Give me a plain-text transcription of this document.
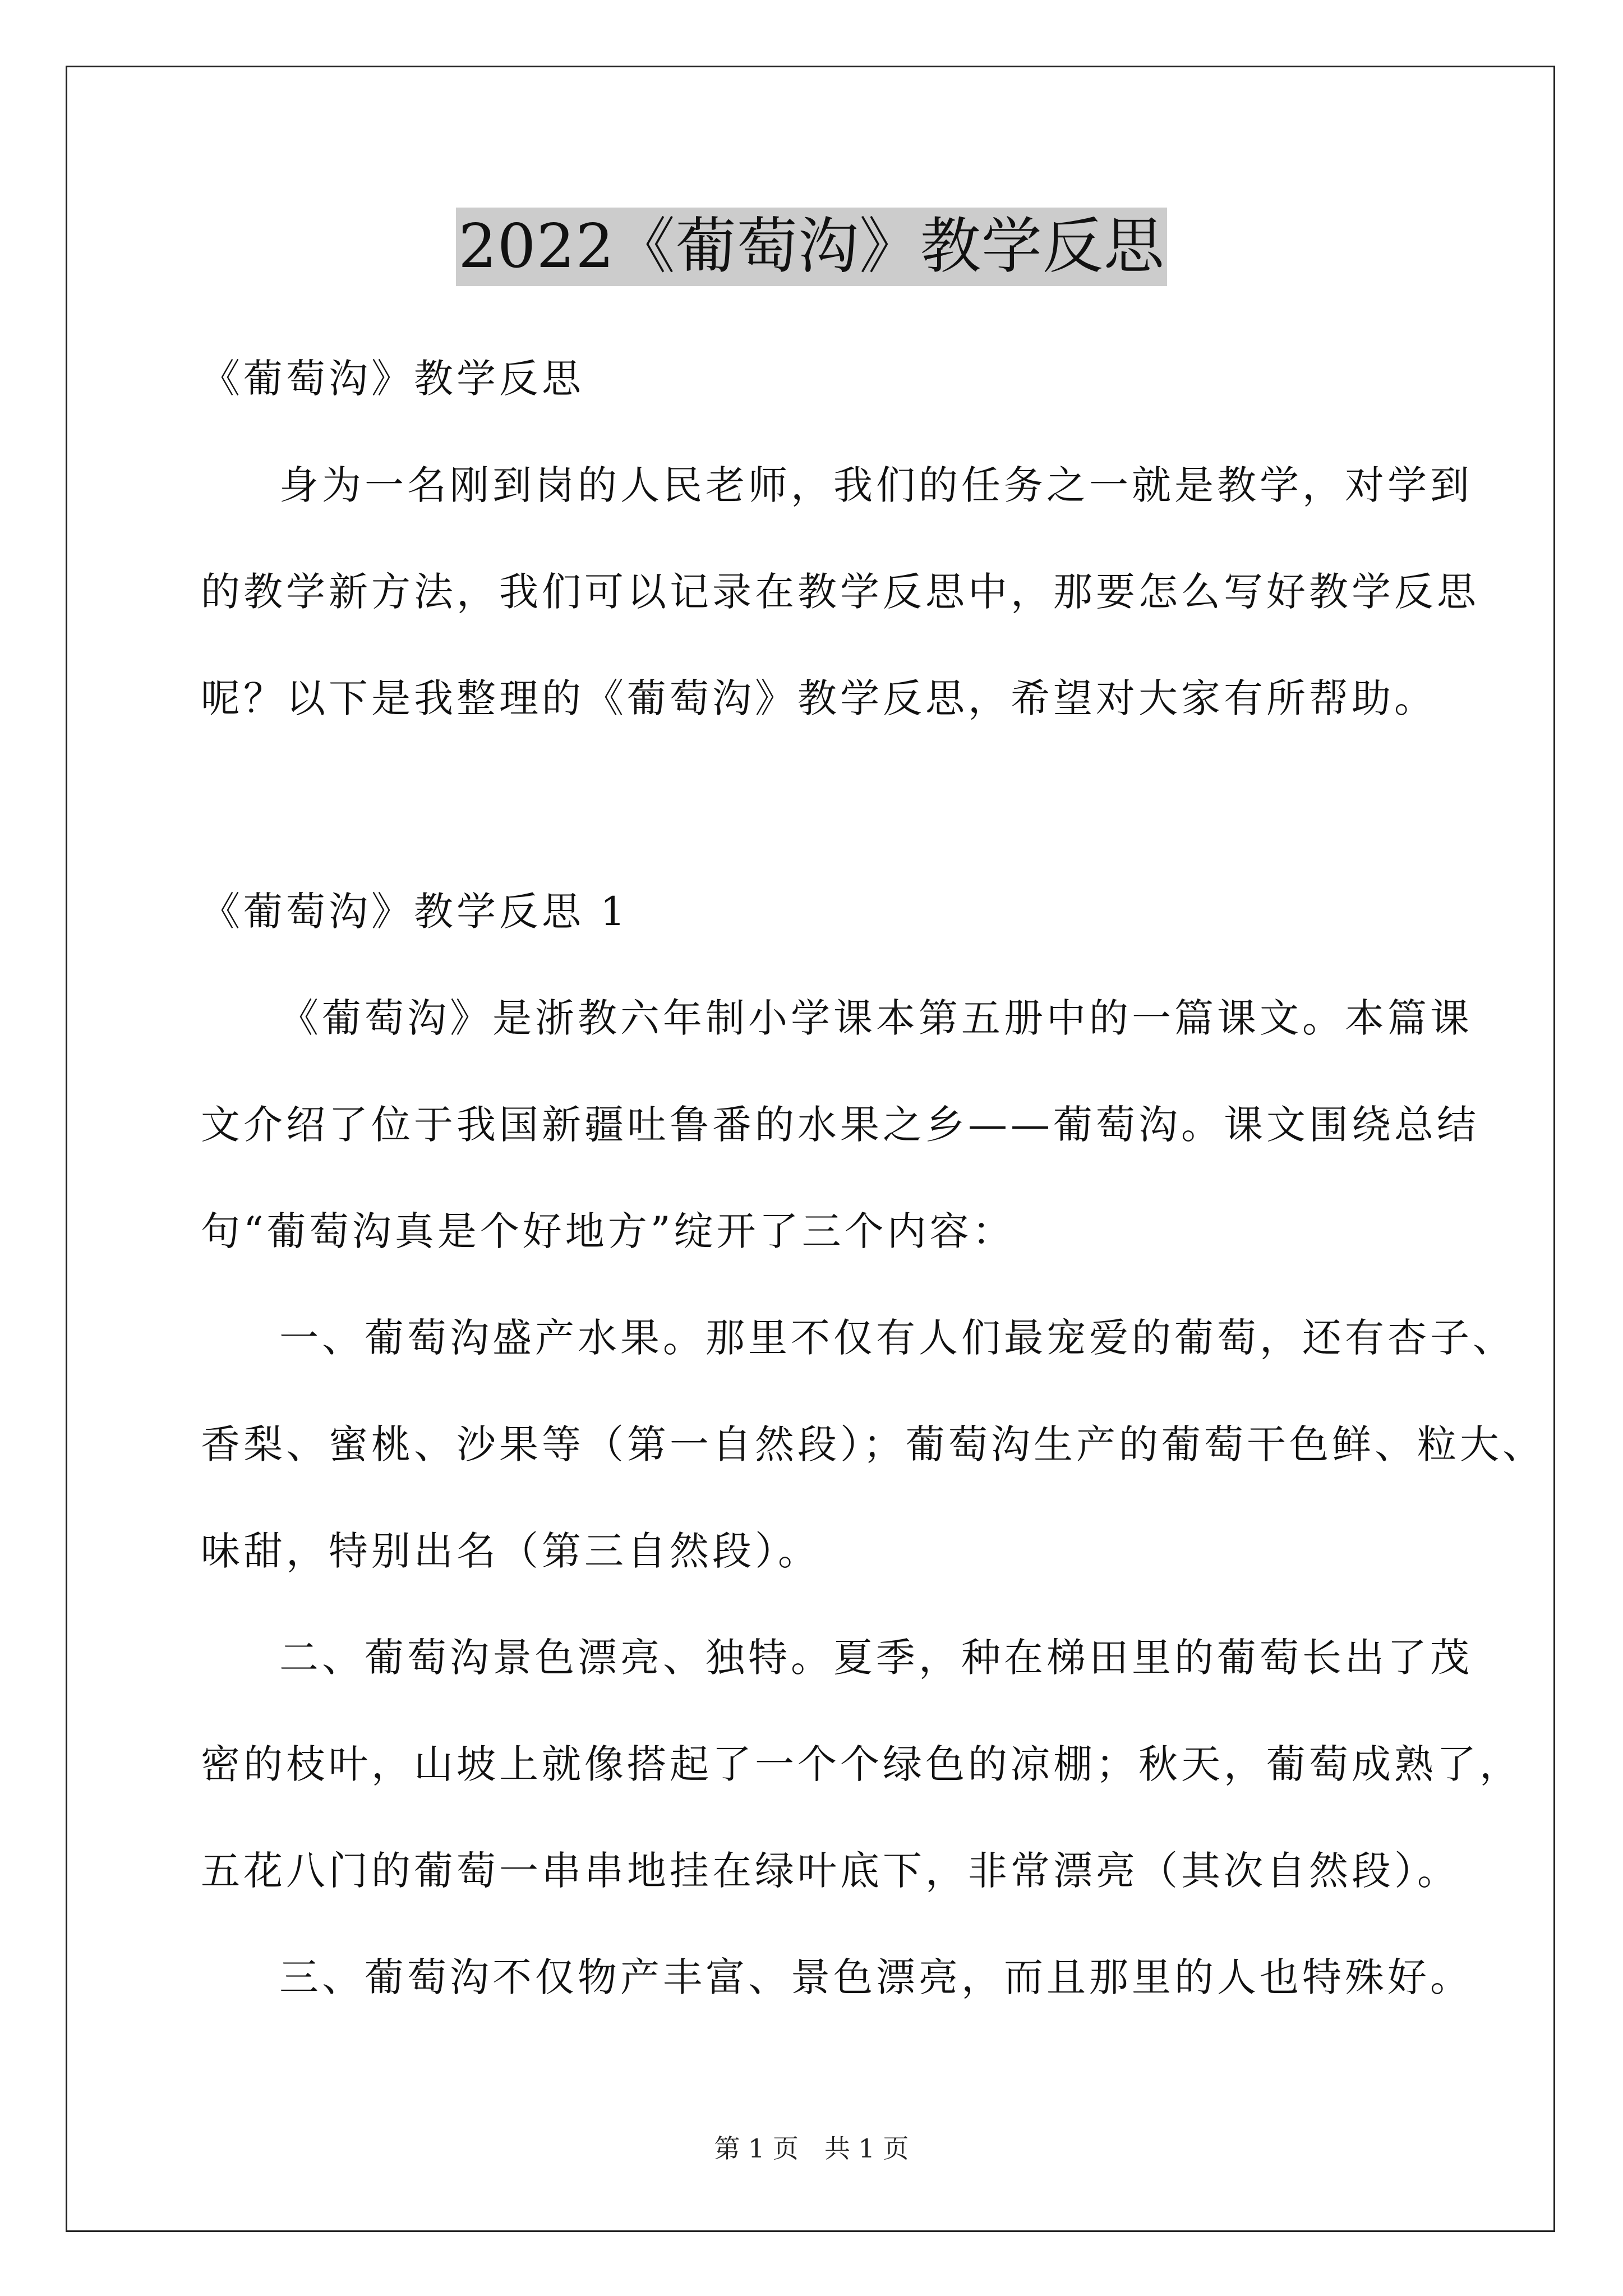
2022《葡萄沟》教学反思
《葡萄沟》教学反思
身为一名刚到岗的人民老师，我们的任务之一就是教学，对学到
的教学新方法，我们可以记录在教学反思中，那要怎么写好教学反思
呢？以下是我整理的《葡萄沟》教学反思，希望对大家有所帮助。
《葡萄沟》教学反思 1
《葡萄沟》是浙教六年制小学课本第五册中的一篇课文。本篇课
文介绍了位于我国新疆吐鲁番的水果之乡——葡萄沟。课文围绕总结
句“葡萄沟真是个好地方”绽开了三个内容：
一、葡萄沟盛产水果。那里不仅有人们最宠爱的葡萄，还有杏子、
香梨、蜜桃、沙果等（第一自然段）；葡萄沟生产的葡萄干色鲜、粒大、
味甜，特别出名（第三自然段）。
二、葡萄沟景色漂亮、独特。夏季，种在梯田里的葡萄长出了茂
密的枝叶，山坡上就像搭起了一个个绿色的凉棚；秋天，葡萄成熟了，
五花八门的葡萄一串串地挂在绿叶底下，非常漂亮（其次自然段）。
三、葡萄沟不仅物产丰富、景色漂亮，而且那里的人也特殊好。
第 1 页　共 1 页
